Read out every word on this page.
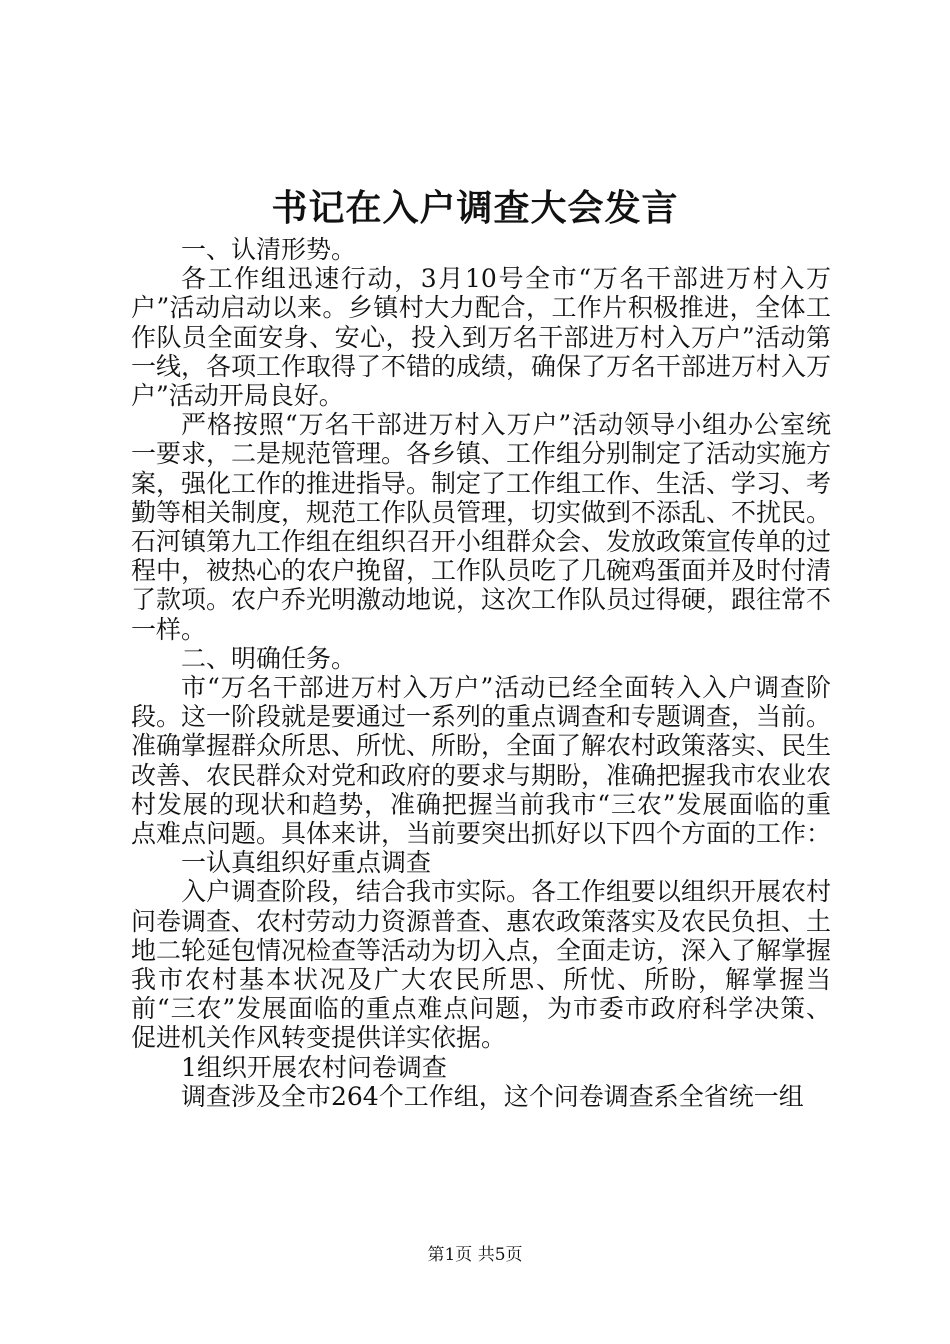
书记在入户调查大会发言

一、认清形势。

各工作组迅速行动，3月10号全市“万名干部进万村入万户”活动启动以来。乡镇村大力配合，工作片积极推进，全体工作队员全面安身、安心，投入到万名干部进万村入万户”活动第一线，各项工作取得了不错的成绩，确保了万名干部进万村入万户”活动开局良好。

严格按照“万名干部进万村入万户”活动领导小组办公室统一要求，二是规范管理。各乡镇、工作组分别制定了活动实施方案，强化工作的推进指导。制定了工作组工作、生活、学习、考勤等相关制度，规范工作队员管理，切实做到不添乱、不扰民。石河镇第九工作组在组织召开小组群众会、发放政策宣传单的过程中，被热心的农户挽留，工作队员吃了几碗鸡蛋面并及时付清了款项。农户乔光明激动地说，这次工作队员过得硬，跟往常不一样。

二、明确任务。

市“万名干部进万村入万户”活动已经全面转入入户调查阶段。这一阶段就是要通过一系列的重点调查和专题调查，当前。准确掌握群众所思、所忧、所盼，全面了解农村政策落实、民生改善、农民群众对党和政府的要求与期盼，准确把握我市农业农村发展的现状和趋势，准确把握当前我市“三农”发展面临的重点难点问题。具体来讲，当前要突出抓好以下四个方面的工作：

一认真组织好重点调查

入户调查阶段，结合我市实际。各工作组要以组织开展农村问卷调查、农村劳动力资源普查、惠农政策落实及农民负担、土地二轮延包情况检查等活动为切入点，全面走访，深入了解掌握我市农村基本状况及广大农民所思、所忧、所盼，解掌握当前“三农”发展面临的重点难点问题，为市委市政府科学决策、促进机关作风转变提供详实依据。

1组织开展农村问卷调查

调查涉及全市264个工作组，这个问卷调查系全省统一组

第1页 共5页
